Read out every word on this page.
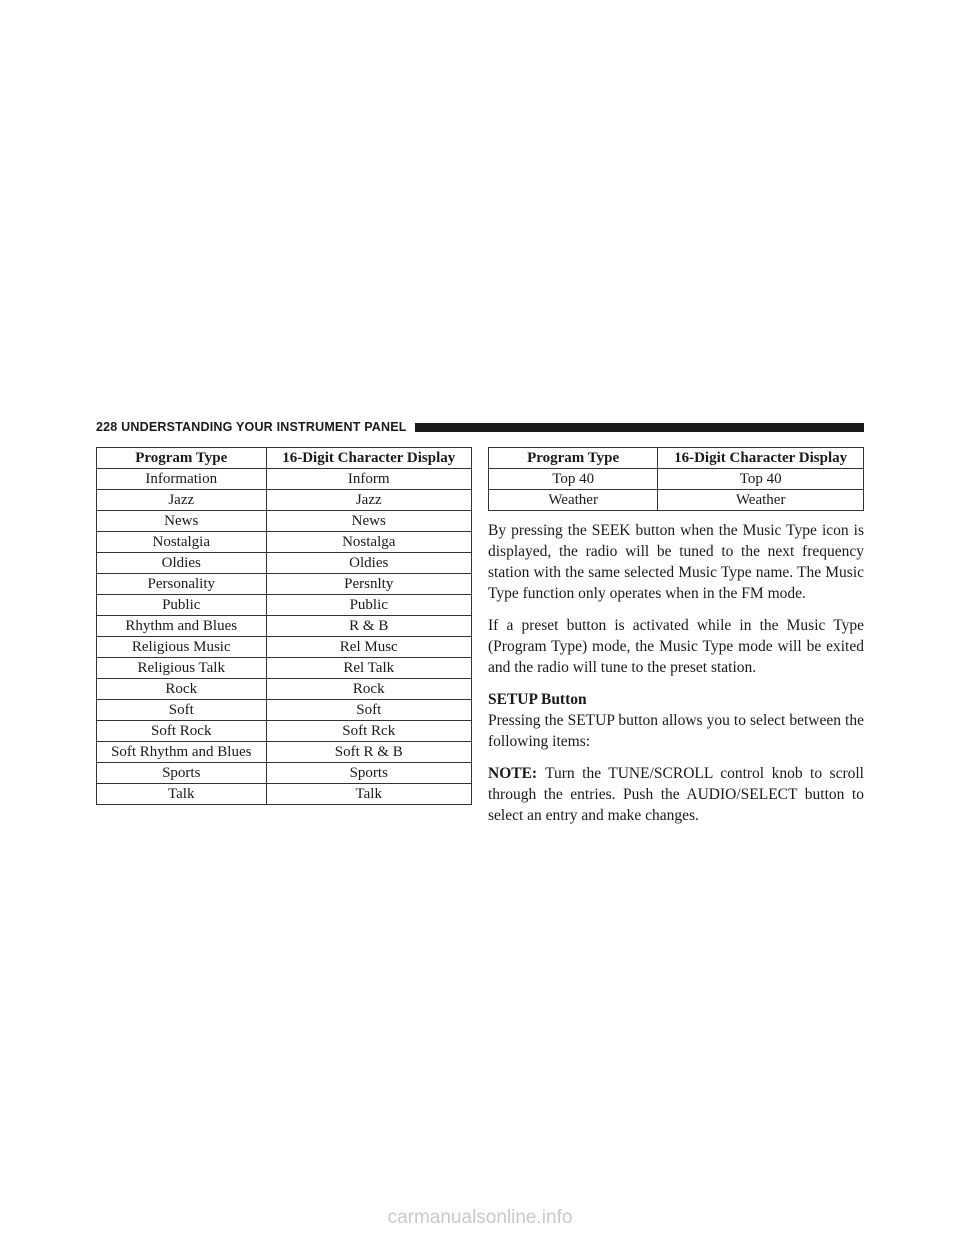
228 UNDERSTANDING YOUR INSTRUMENT PANEL
Program Type	16-Digit Character Display
Information	Inform
Jazz	Jazz
News	News
Nostalgia	Nostalga
Oldies	Oldies
Personality	Persnlty
Public	Public
Rhythm and Blues	R & B
Religious Music	Rel Musc
Religious Talk	Rel Talk
Rock	Rock
Soft	Soft
Soft Rock	Soft Rck
Soft Rhythm and Blues	Soft R & B
Sports	Sports
Talk	Talk
Program Type	16-Digit Character Display
Top 40	Top 40
Weather	Weather

By pressing the SEEK button when the Music Type icon is displayed, the radio will be tuned to the next frequency station with the same selected Music Type name. The Music Type function only operates when in the FM mode.

If a preset button is activated while in the Music Type (Program Type) mode, the Music Type mode will be exited and the radio will tune to the preset station.

SETUP Button

Pressing the SETUP button allows you to select between the following items:

NOTE: Turn the TUNE/SCROLL control knob to scroll through the entries. Push the AUDIO/SELECT button to select an entry and make changes.

carmanualsonline.info
